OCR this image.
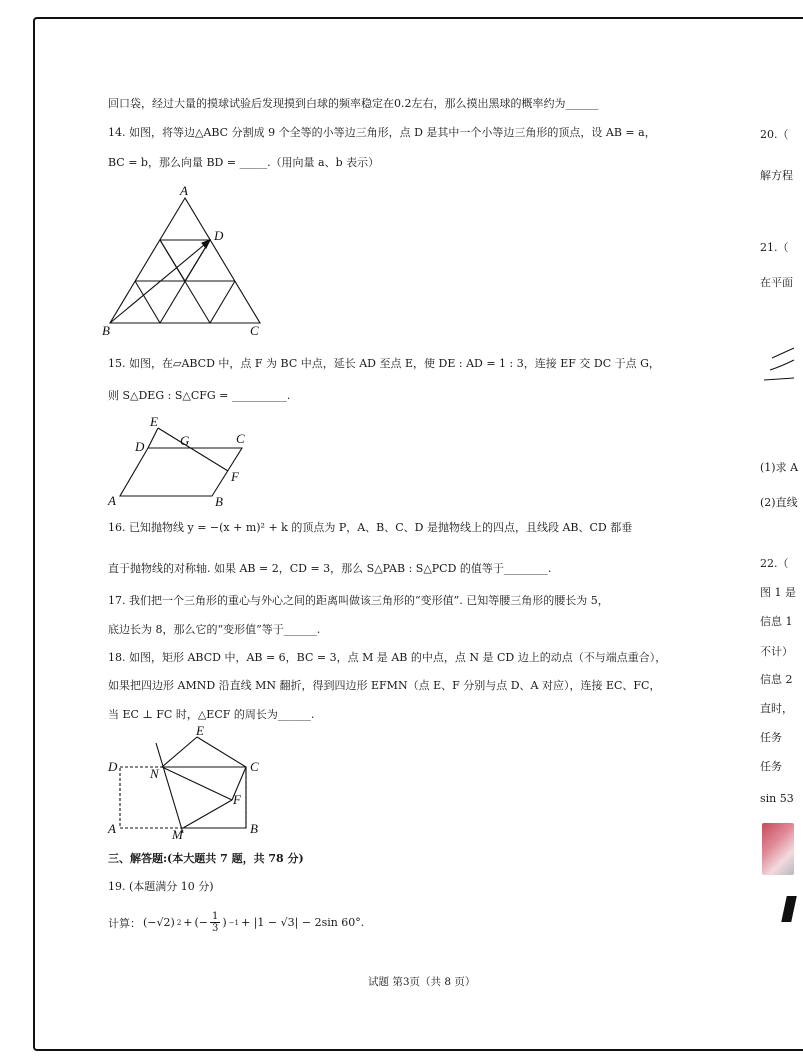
回口袋，经过大量的摸球试验后发现摸到白球的频率稳定在0.2左右，那么摸出黑球的概率约为______
14. 如图，将等边△ABC 分割成 9 个全等的小等边三角形，点 D 是其中一个小等边三角形的顶点，设 AB = a，
BC = b，那么向量 BD = _____.（用向量 a、b 表示）
A
D
B	C
15. 如图，在▱ABCD 中，点 F 为 BC 中点，延长 AD 至点 E，使 DE : AD = 1 : 3，连接 EF 交 DC 于点 G，
则 S△DEG : S△CFG = __________.
E
G	C
D
F
A	B
16. 已知抛物线 y = −(x + m)² + k 的顶点为 P，A、B、C、D 是抛物线上的四点，且线段 AB、CD 都垂
直于抛物线的对称轴. 如果 AB = 2，CD = 3，那么 S△PAB : S△PCD 的值等于________.
17. 我们把一个三角形的重心与外心之间的距离叫做该三角形的“变形值”. 已知等腰三角形的腰长为 5，
底边长为 8，那么它的“变形值”等于______.
18. 如图，矩形 ABCD 中，AB = 6，BC = 3，点 M 是 AB 的中点，点 N 是 CD 边上的动点（不与端点重合），
如果把四边形 AMND 沿直线 MN 翻折，得到四边形 EFMN（点 E、F 分别与点 D、A 对应），连接 EC、FC，
当 EC ⊥ FC 时，△ECF 的周长为______.
E
D	N	C
F
A	M	B
三、解答题:(本大题共 7 题，共 78 分)
19. (本题满分 10 分)
计算： (−√2) 2 + (− $\frac{1}{3}$ ) −1 + |1 − √3| − 2sin 60°.
试题 第3页（共 8 页）
20.（
解方程
21.（
在平面
(1)求 A
(2)直线
22.（
图 1 是
信息 1
不计）
信息 2
直时，
任务
任务
sin 53
